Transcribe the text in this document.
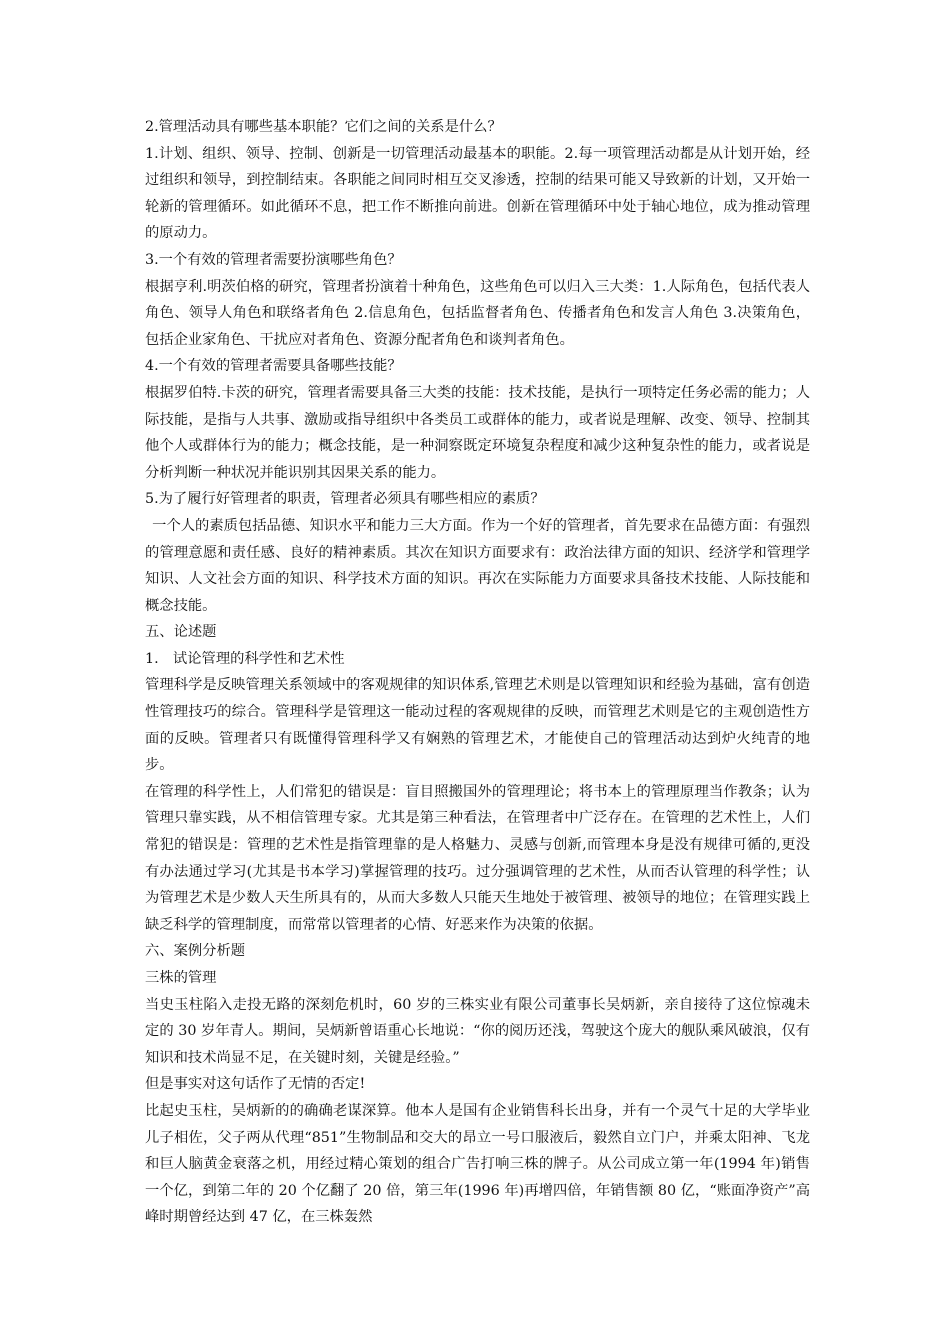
2.管理活动具有哪些基本职能？它们之间的关系是什么？

1.计划、组织、领导、控制、创新是一切管理活动最基本的职能。2.每一项管理活动都是从计划开始，经过组织和领导，到控制结束。各职能之间同时相互交叉渗透，控制的结果可能又导致新的计划，又开始一轮新的管理循环。如此循环不息，把工作不断推向前进。创新在管理循环中处于轴心地位，成为推动管理的原动力。

3.一个有效的管理者需要扮演哪些角色？

根据亨利.明茨伯格的研究，管理者扮演着十种角色，这些角色可以归入三大类：1.人际角色，包括代表人角色、领导人角色和联络者角色 2.信息角色，包括监督者角色、传播者角色和发言人角色 3.决策角色，包括企业家角色、干扰应对者角色、资源分配者角色和谈判者角色。

4.一个有效的管理者需要具备哪些技能？

根据罗伯特.卡茨的研究，管理者需要具备三大类的技能：技术技能，是执行一项特定任务必需的能力；人际技能，是指与人共事、激励或指导组织中各类员工或群体的能力，或者说是理解、改变、领导、控制其他个人或群体行为的能力；概念技能，是一种洞察既定环境复杂程度和减少这种复杂性的能力，或者说是分析判断一种状况并能识别其因果关系的能力。

5.为了履行好管理者的职责，管理者必须具有哪些相应的素质？

一个人的素质包括品德、知识水平和能力三大方面。作为一个好的管理者，首先要求在品德方面：有强烈的管理意愿和责任感、良好的精神素质。其次在知识方面要求有：政治法律方面的知识、经济学和管理学知识、人文社会方面的知识、科学技术方面的知识。再次在实际能力方面要求具备技术技能、人际技能和概念技能。

五、论述题

1.　试论管理的科学性和艺术性

管理科学是反映管理关系领域中的客观规律的知识体系,管理艺术则是以管理知识和经验为基础，富有创造性管理技巧的综合。管理科学是管理这一能动过程的客观规律的反映，而管理艺术则是它的主观创造性方面的反映。管理者只有既懂得管理科学又有娴熟的管理艺术，才能使自己的管理活动达到炉火纯青的地步。

在管理的科学性上，人们常犯的错误是：盲目照搬国外的管理理论；将书本上的管理原理当作教条；认为管理只靠实践，从不相信管理专家。尤其是第三种看法，在管理者中广泛存在。在管理的艺术性上，人们常犯的错误是：管理的艺术性是指管理靠的是人格魅力、灵感与创新,而管理本身是没有规律可循的,更没有办法通过学习(尤其是书本学习)掌握管理的技巧。过分强调管理的艺术性，从而否认管理的科学性；认为管理艺术是少数人天生所具有的，从而大多数人只能天生地处于被管理、被领导的地位；在管理实践上缺乏科学的管理制度，而常常以管理者的心情、好恶来作为决策的依据。

六、案例分析题

三株的管理

当史玉柱陷入走投无路的深刻危机时，60 岁的三株实业有限公司董事长吴炳新，亲自接待了这位惊魂未定的 30 岁年青人。期间，吴炳新曾语重心长地说：“你的阅历还浅，驾驶这个庞大的舰队乘风破浪，仅有知识和技术尚显不足，在关键时刻，关键是经验。”

但是事实对这句话作了无情的否定!

比起史玉柱，吴炳新的的确确老谋深算。他本人是国有企业销售科长出身，并有一个灵气十足的大学毕业儿子相佐，父子两从代理“851”生物制品和交大的昂立一号口服液后，毅然自立门户，并乘太阳神、飞龙和巨人脑黄金衰落之机，用经过精心策划的组合广告打响三株的牌子。从公司成立第一年(1994 年)销售一个亿，到第二年的 20 个亿翻了 20 倍，第三年(1996 年)再增四倍，年销售额 80 亿，“账面净资产”高峰时期曾经达到 47 亿，在三株轰然
